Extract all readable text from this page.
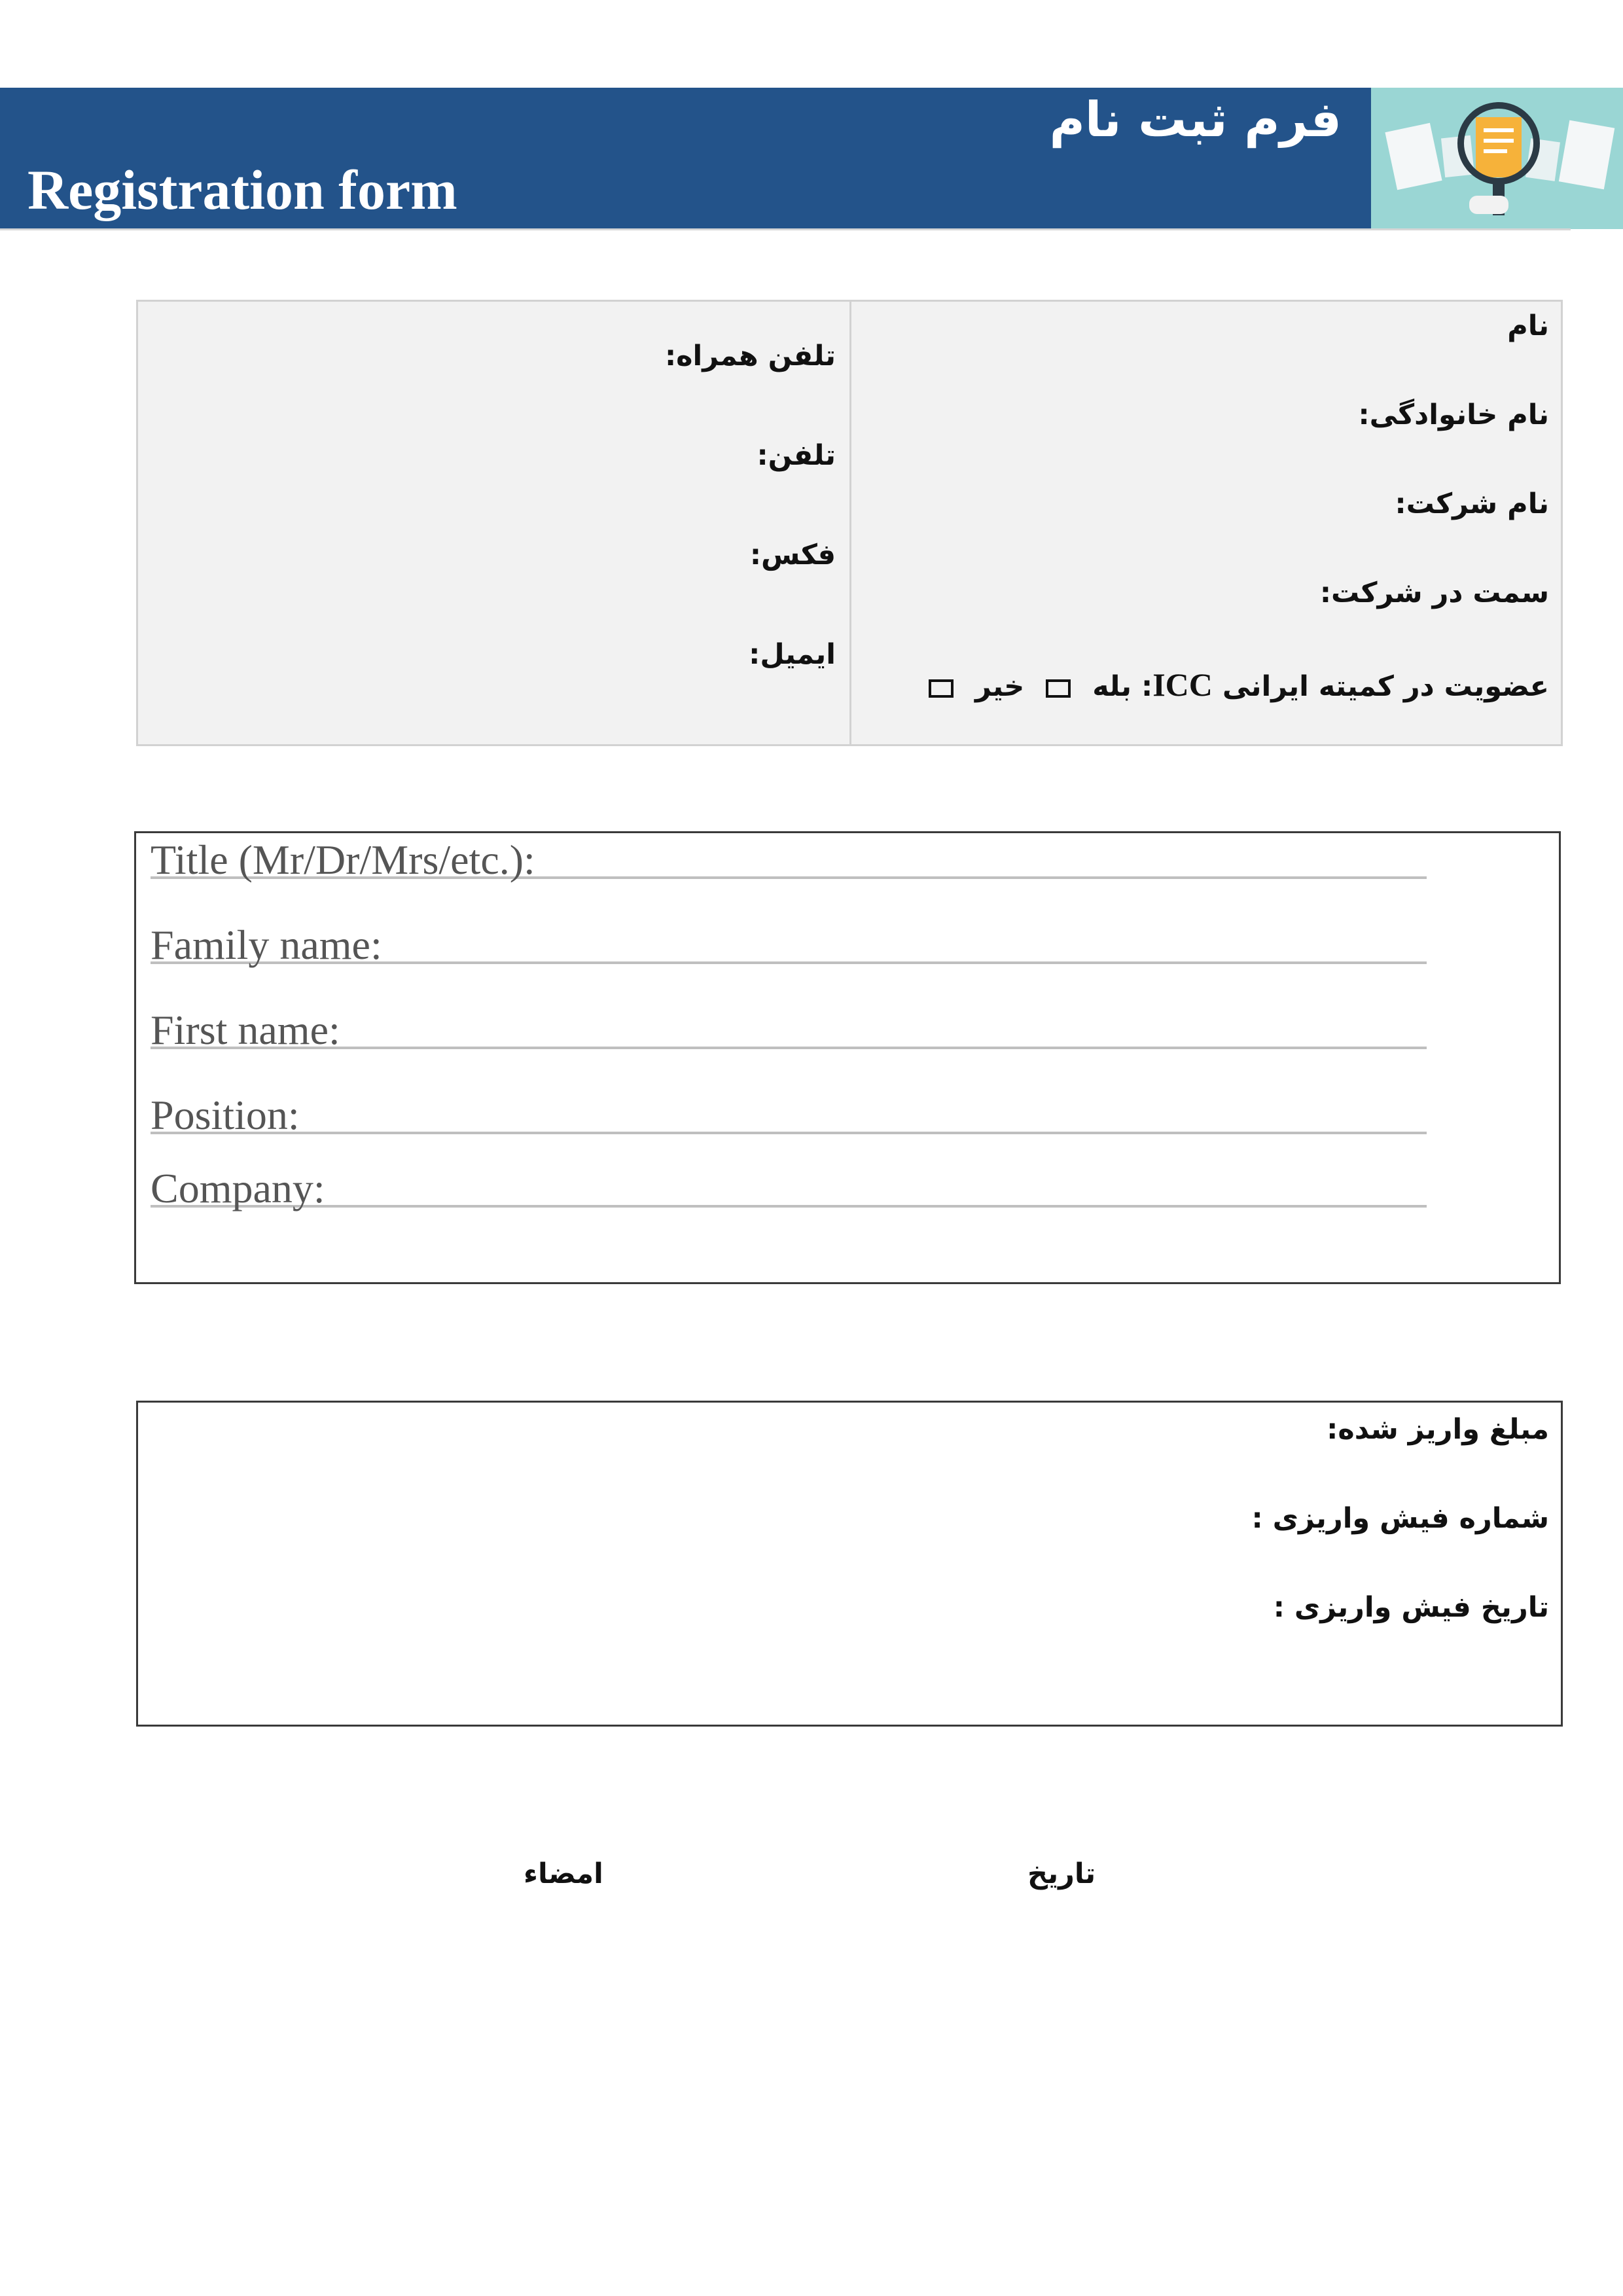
فرم ثبت نام
Registration form
نام
نام خانوادگی:
نام شرکت:
سمت در شرکت:
عضویت در کمیته ایرانی ICC: بله  خیر
تلفن همراه:
تلفن:
فکس:
ایمیل:
Title (Mr/Dr/Mrs/etc.):
Family name:
First name:
Position:
Company:
مبلغ واریز شده:
شماره فیش واریزی :
تاریخ فیش واریزی :
تاریخ
امضاء
